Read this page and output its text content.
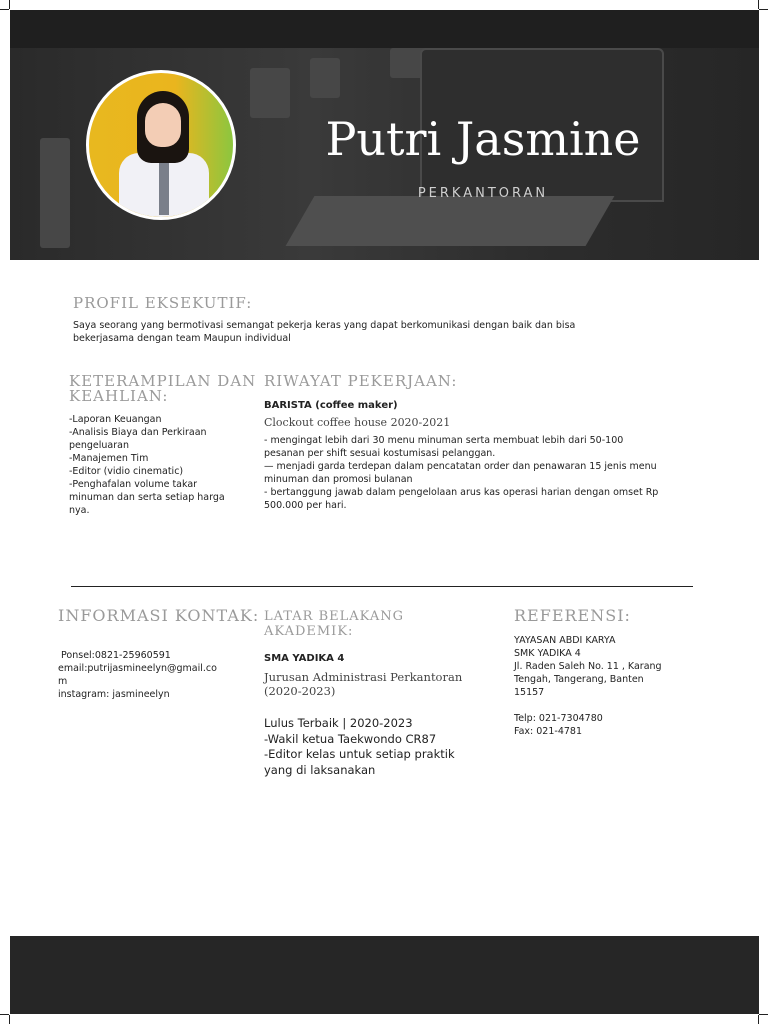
Putri Jasmine
PERKANTORAN
PROFIL EKSEKUTIF:
Saya seorang yang bermotivasi semangat pekerja keras yang dapat berkomunikasi dengan baik dan bisa
bekerjasama dengan team Maupun individual
KETERAMPILAN DAN
KEAHLIAN:
-Laporan Keuangan
-Analisis Biaya dan Perkiraan
pengeluaran
-Manajemen Tim
-Editor (vidio cinematic)
-Penghafalan volume takar
minuman dan serta setiap harga
nya.
RIWAYAT PEKERJAAN:
BARISTA (coffee maker)
Clockout coffee house 2020-2021
- mengingat lebih dari 30 menu minuman serta membuat lebih dari 50-100
pesanan per shift sesuai kostumisasi pelanggan.
— menjadi garda terdepan dalam pencatatan order dan penawaran 15 jenis menu
minuman dan promosi bulanan
- bertanggung jawab dalam pengelolaan arus kas operasi harian dengan omset Rp
500.000 per hari.
INFORMASI KONTAK:
Ponsel:0821-25960591
email:putrijasmineelyn@gmail.co
m
instagram: jasmineelyn
LATAR BELAKANG
AKADEMIK:
SMA YADIKA 4
Jurusan Administrasi Perkantoran
(2020-2023)
Lulus Terbaik | 2020-2023
-Wakil ketua Taekwondo CR87
-Editor kelas untuk setiap praktik
yang di laksanakan
REFERENSI:
YAYASAN ABDI KARYA
SMK YADIKA 4
Jl. Raden Saleh No. 11 , Karang
Tengah, Tangerang, Banten
15157
Telp: 021-7304780
Fax: 021-4781
